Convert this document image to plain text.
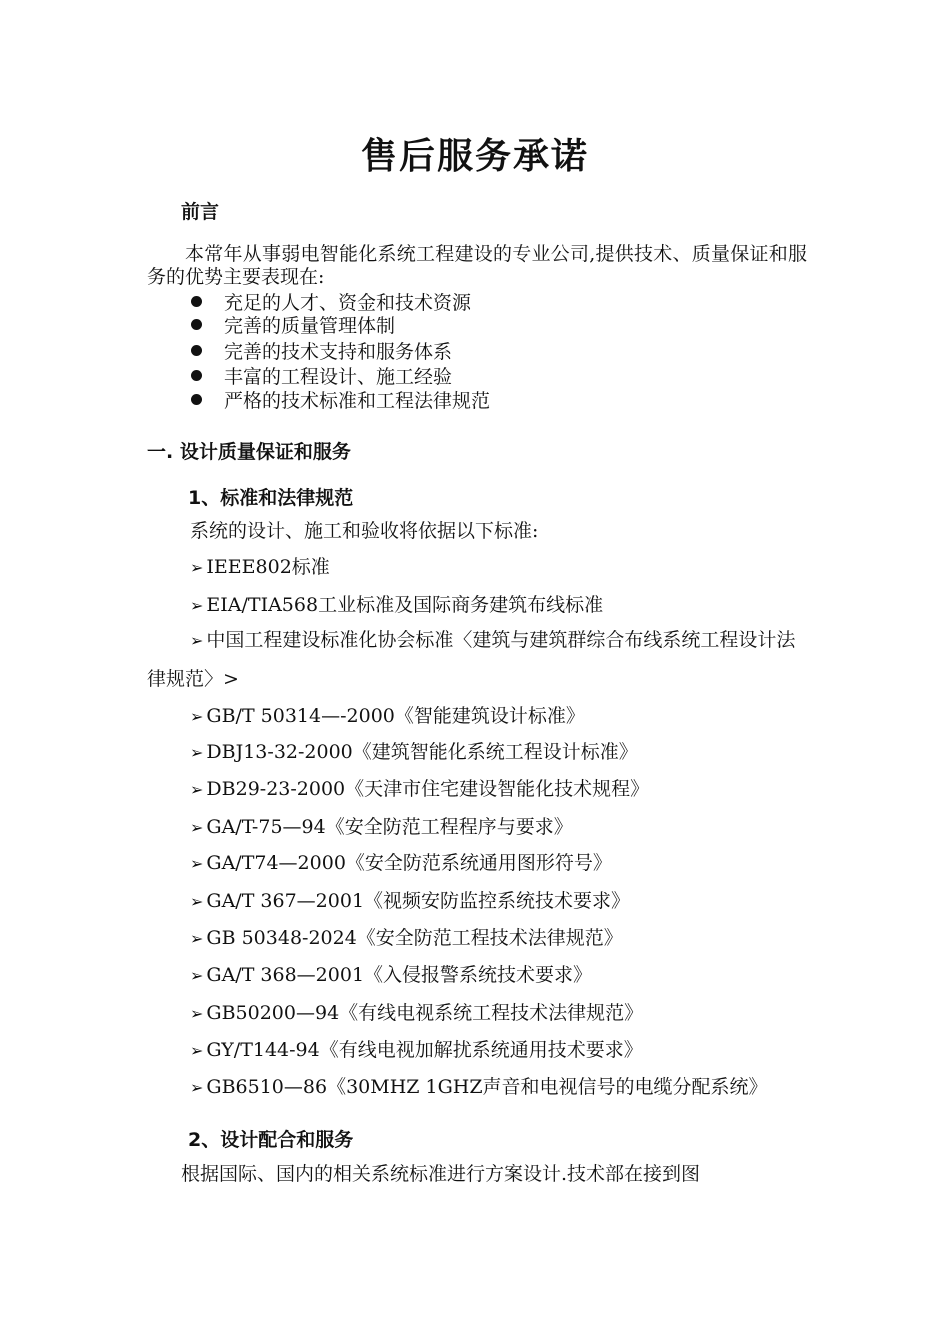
售后服务承诺
前言
本常年从事弱电智能化系统工程建设的专业公司,提供技术、质量保证和服务的优势主要表现在:
充足的人才、资金和技术资源
完善的质量管理体制
完善的技术支持和服务体系
丰富的工程设计、施工经验
严格的技术标准和工程法律规范
一. 设计质量保证和服务
1、标准和法律规范
系统的设计、施工和验收将依据以下标准:
➢ IEEE802标准
➢ EIA/TIA568工业标准及国际商务建筑布线标准
➢ 中国工程建设标准化协会标准〈建筑与建筑群综合布线系统工程设计法律规范〉>
➢ GB/T 50314—-2000《智能建筑设计标准》
➢ DBJ13-32-2000《建筑智能化系统工程设计标准》
➢ DB29-23-2000《天津市住宅建设智能化技术规程》
➢ GA/T-75—94《安全防范工程程序与要求》
➢ GA/T74—2000《安全防范系统通用图形符号》
➢ GA/T 367—2001《视频安防监控系统技术要求》
➢ GB 50348-2024《安全防范工程技术法律规范》
➢ GA/T 368—2001《入侵报警系统技术要求》
➢ GB50200—94《有线电视系统工程技术法律规范》
➢ GY/T144-94《有线电视加解扰系统通用技术要求》
➢ GB6510—86《30MHZ 1GHZ声音和电视信号的电缆分配系统》
2、设计配合和服务
根据国际、国内的相关系统标准进行方案设计.技术部在接到图
